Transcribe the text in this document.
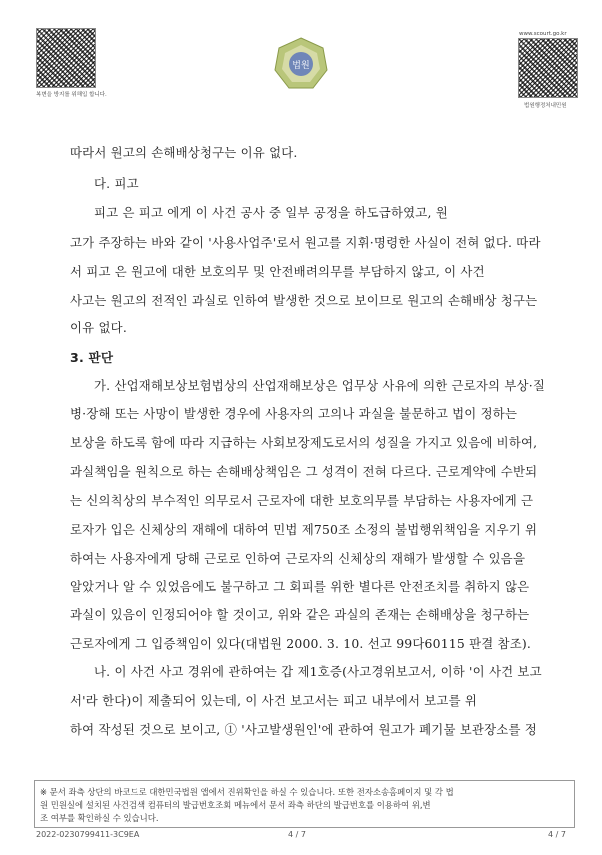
복변을 방지를 위해입 합니다.
법원
www.scourt.go.kr
법원행정처내민원
따라서 원고의 손해배상청구는 이유 없다.
다. 피고
피고 은 피고 에게 이 사건 공사 중 일부 공정을 하도급하였고, 원
고가 주장하는 바와 같이 '사용사업주'로서 원고를 지휘·명령한 사실이 전혀 없다. 따라
서 피고 은 원고에 대한 보호의무 및 안전배려의무를 부담하지 않고, 이 사건
사고는 원고의 전적인 과실로 인하여 발생한 것으로 보이므로 원고의 손해배상 청구는
이유 없다.
3. 판단
가. 산업재해보상보험법상의 산업재해보상은 업무상 사유에 의한 근로자의 부상·질
병·장해 또는 사망이 발생한 경우에 사용자의 고의나 과실을 불문하고 법이 정하는
보상을 하도록 함에 따라 지급하는 사회보장제도로서의 성질을 가지고 있음에 비하여,
과실책임을 원칙으로 하는 손해배상책임은 그 성격이 전혀 다르다. 근로계약에 수반되
는 신의칙상의 부수적인 의무로서 근로자에 대한 보호의무를 부담하는 사용자에게 근
로자가 입은 신체상의 재해에 대하여 민법 제750조 소정의 불법행위책임을 지우기 위
하여는 사용자에게 당해 근로로 인하여 근로자의 신체상의 재해가 발생할 수 있음을
알았거나 알 수 있었음에도 불구하고 그 회피를 위한 별다른 안전조치를 취하지 않은
과실이 있음이 인정되어야 할 것이고, 위와 같은 과실의 존재는 손해배상을 청구하는
근로자에게 그 입증책임이 있다(대법원 2000. 3. 10. 선고 99다60115 판결 참조).
나. 이 사건 사고 경위에 관하여는 갑 제1호증(사고경위보고서, 이하 '이 사건 보고
서'라 한다)이 제출되어 있는데, 이 사건 보고서는 피고 내부에서 보고를 위
하여 작성된 것으로 보이고, ① '사고발생원인'에 관하여 원고가 폐기물 보관장소를 정
※ 문서 좌측 상단의 바코드로 대한민국법원 앱에서 진위확인을 하실 수 있습니다. 또한 전자소송홈페이지 및 각 법
원 민원실에 설치된 사건검색 컴퓨터의 발급번호조회 메뉴에서 문서 좌측 하단의 발급번호를 이용하여 위,변
조 여부를 확인하실 수 있습니다.
2022-0230799411-3C9EA	4 / 7	4 / 7
